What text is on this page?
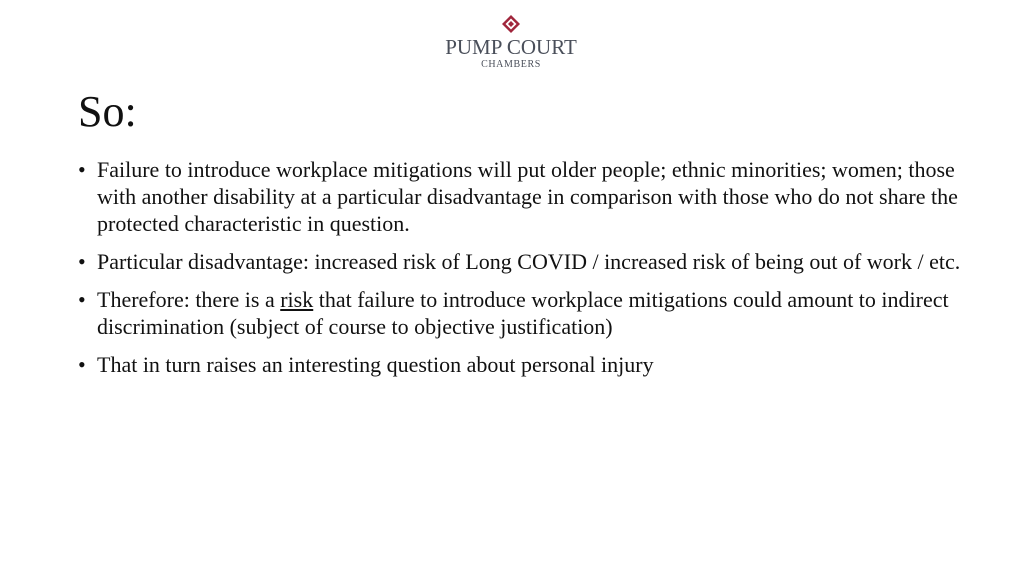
PUMP COURT
CHAMBERS
So:
• Failure to introduce workplace mitigations will put older people; ethnic minorities; women; those with another disability at a particular disadvantage in comparison with those who do not share the protected characteristic in question.
• Particular disadvantage: increased risk of Long COVID / increased risk of being out of work / etc.
• Therefore: there is a risk that failure to introduce workplace mitigations could amount to indirect discrimination (subject of course to objective justification)
• That in turn raises an interesting question about personal injury
